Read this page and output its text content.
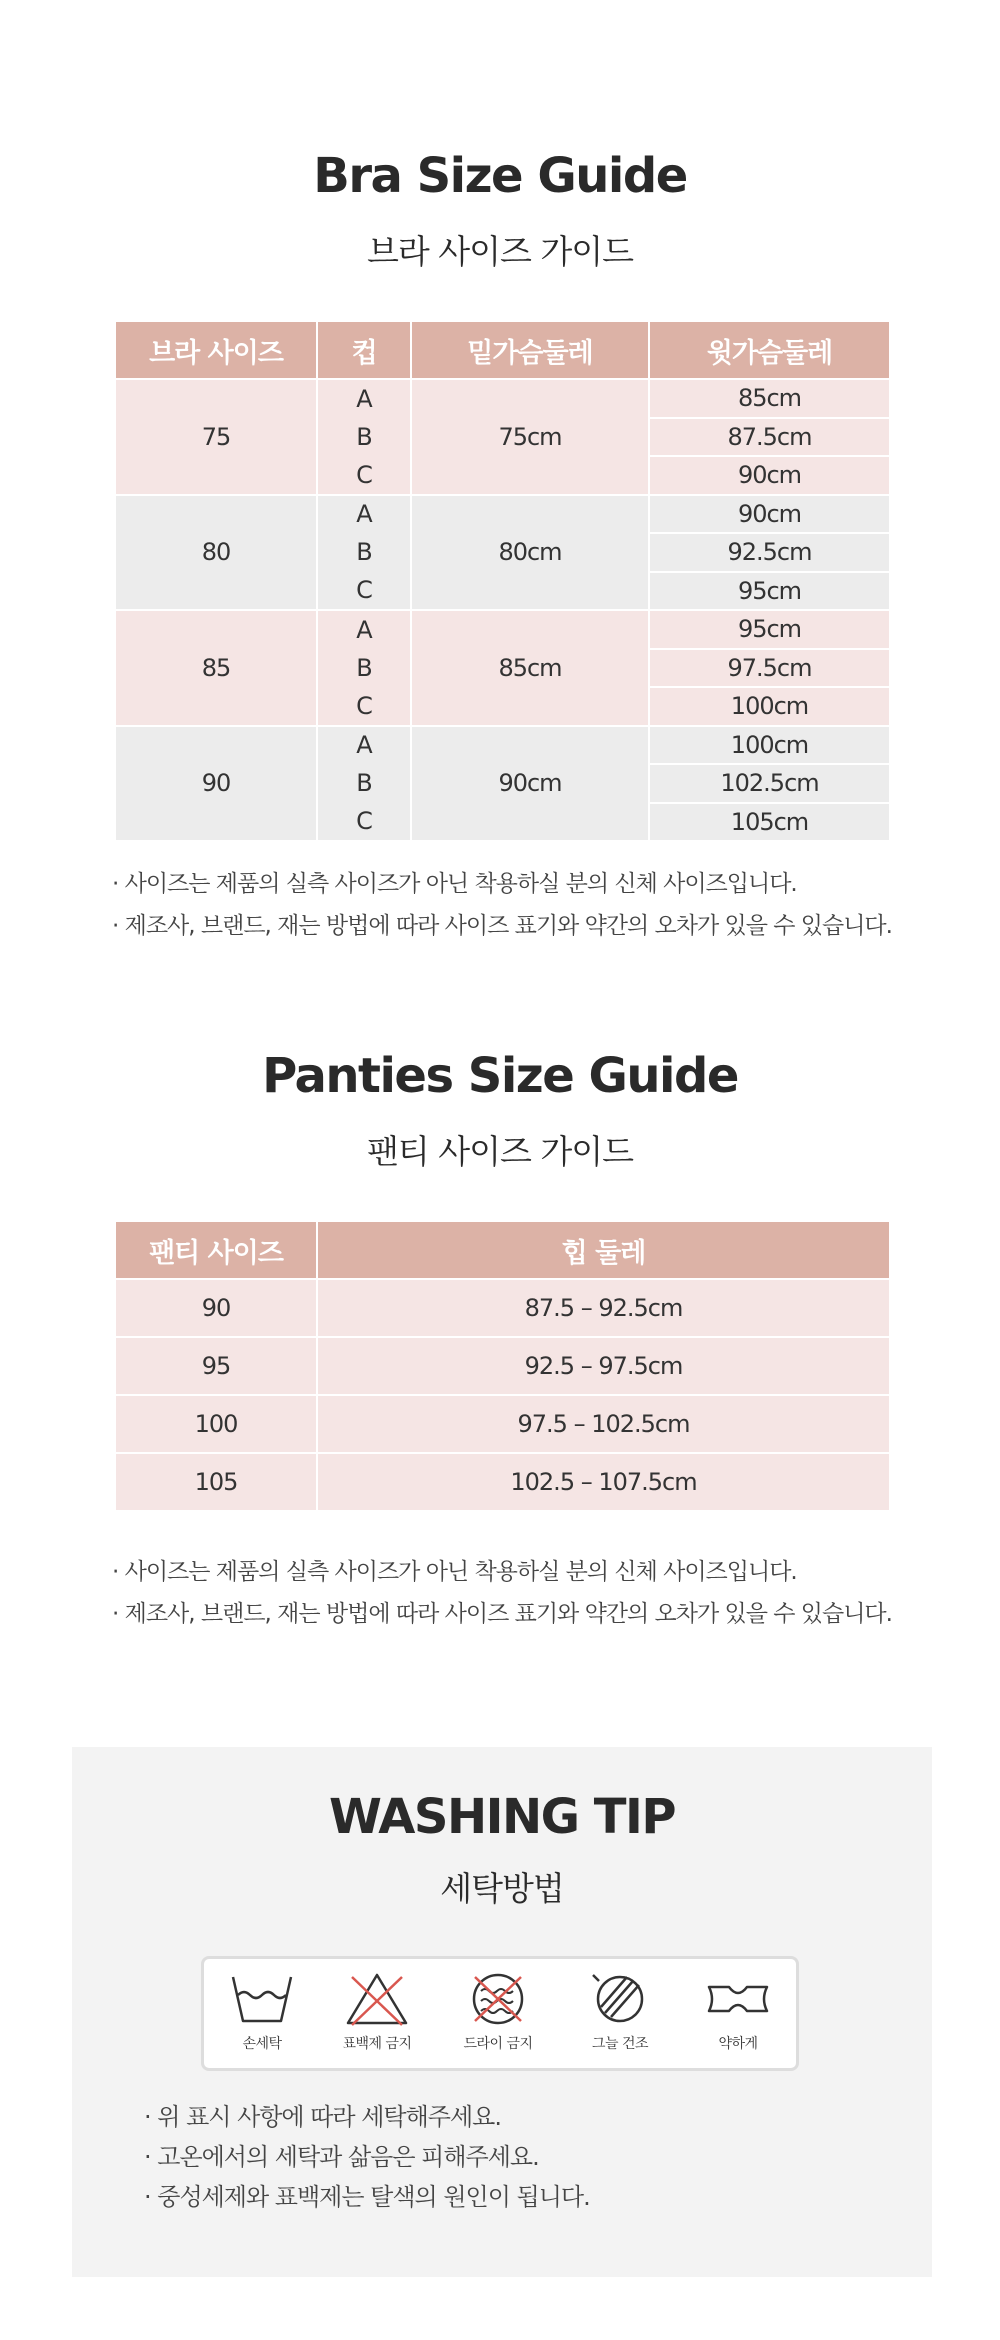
Bra Size Guide
브라 사이즈 가이드
브라 사이즈	컵	밑가슴둘레	윗가슴둘레
75	A	75cm	85cm
	B		87.5cm
	C		90cm
80	A	80cm	90cm
	B		92.5cm
	C		95cm
85	A	85cm	95cm
	B		97.5cm
	C		100cm
90	A	90cm	100cm
	B		102.5cm
	C		105cm
· 사이즈는 제품의 실측 사이즈가 아닌 착용하실 분의 신체 사이즈입니다.
· 제조사, 브랜드, 재는 방법에 따라 사이즈 표기와 약간의 오차가 있을 수 있습니다.
Panties Size Guide
팬티 사이즈 가이드
팬티 사이즈	힙 둘레
90	87.5 – 92.5cm
95	92.5 – 97.5cm
100	97.5 – 102.5cm
105	102.5 – 107.5cm
· 사이즈는 제품의 실측 사이즈가 아닌 착용하실 분의 신체 사이즈입니다.
· 제조사, 브랜드, 재는 방법에 따라 사이즈 표기와 약간의 오차가 있을 수 있습니다.
WASHING TIP
세탁방법
손세탁	표백제 금지	드라이 금지	그늘 건조	약하게
· 위 표시 사항에 따라 세탁해주세요.
· 고온에서의 세탁과 삶음은 피해주세요.
· 중성세제와 표백제는 탈색의 원인이 됩니다.
